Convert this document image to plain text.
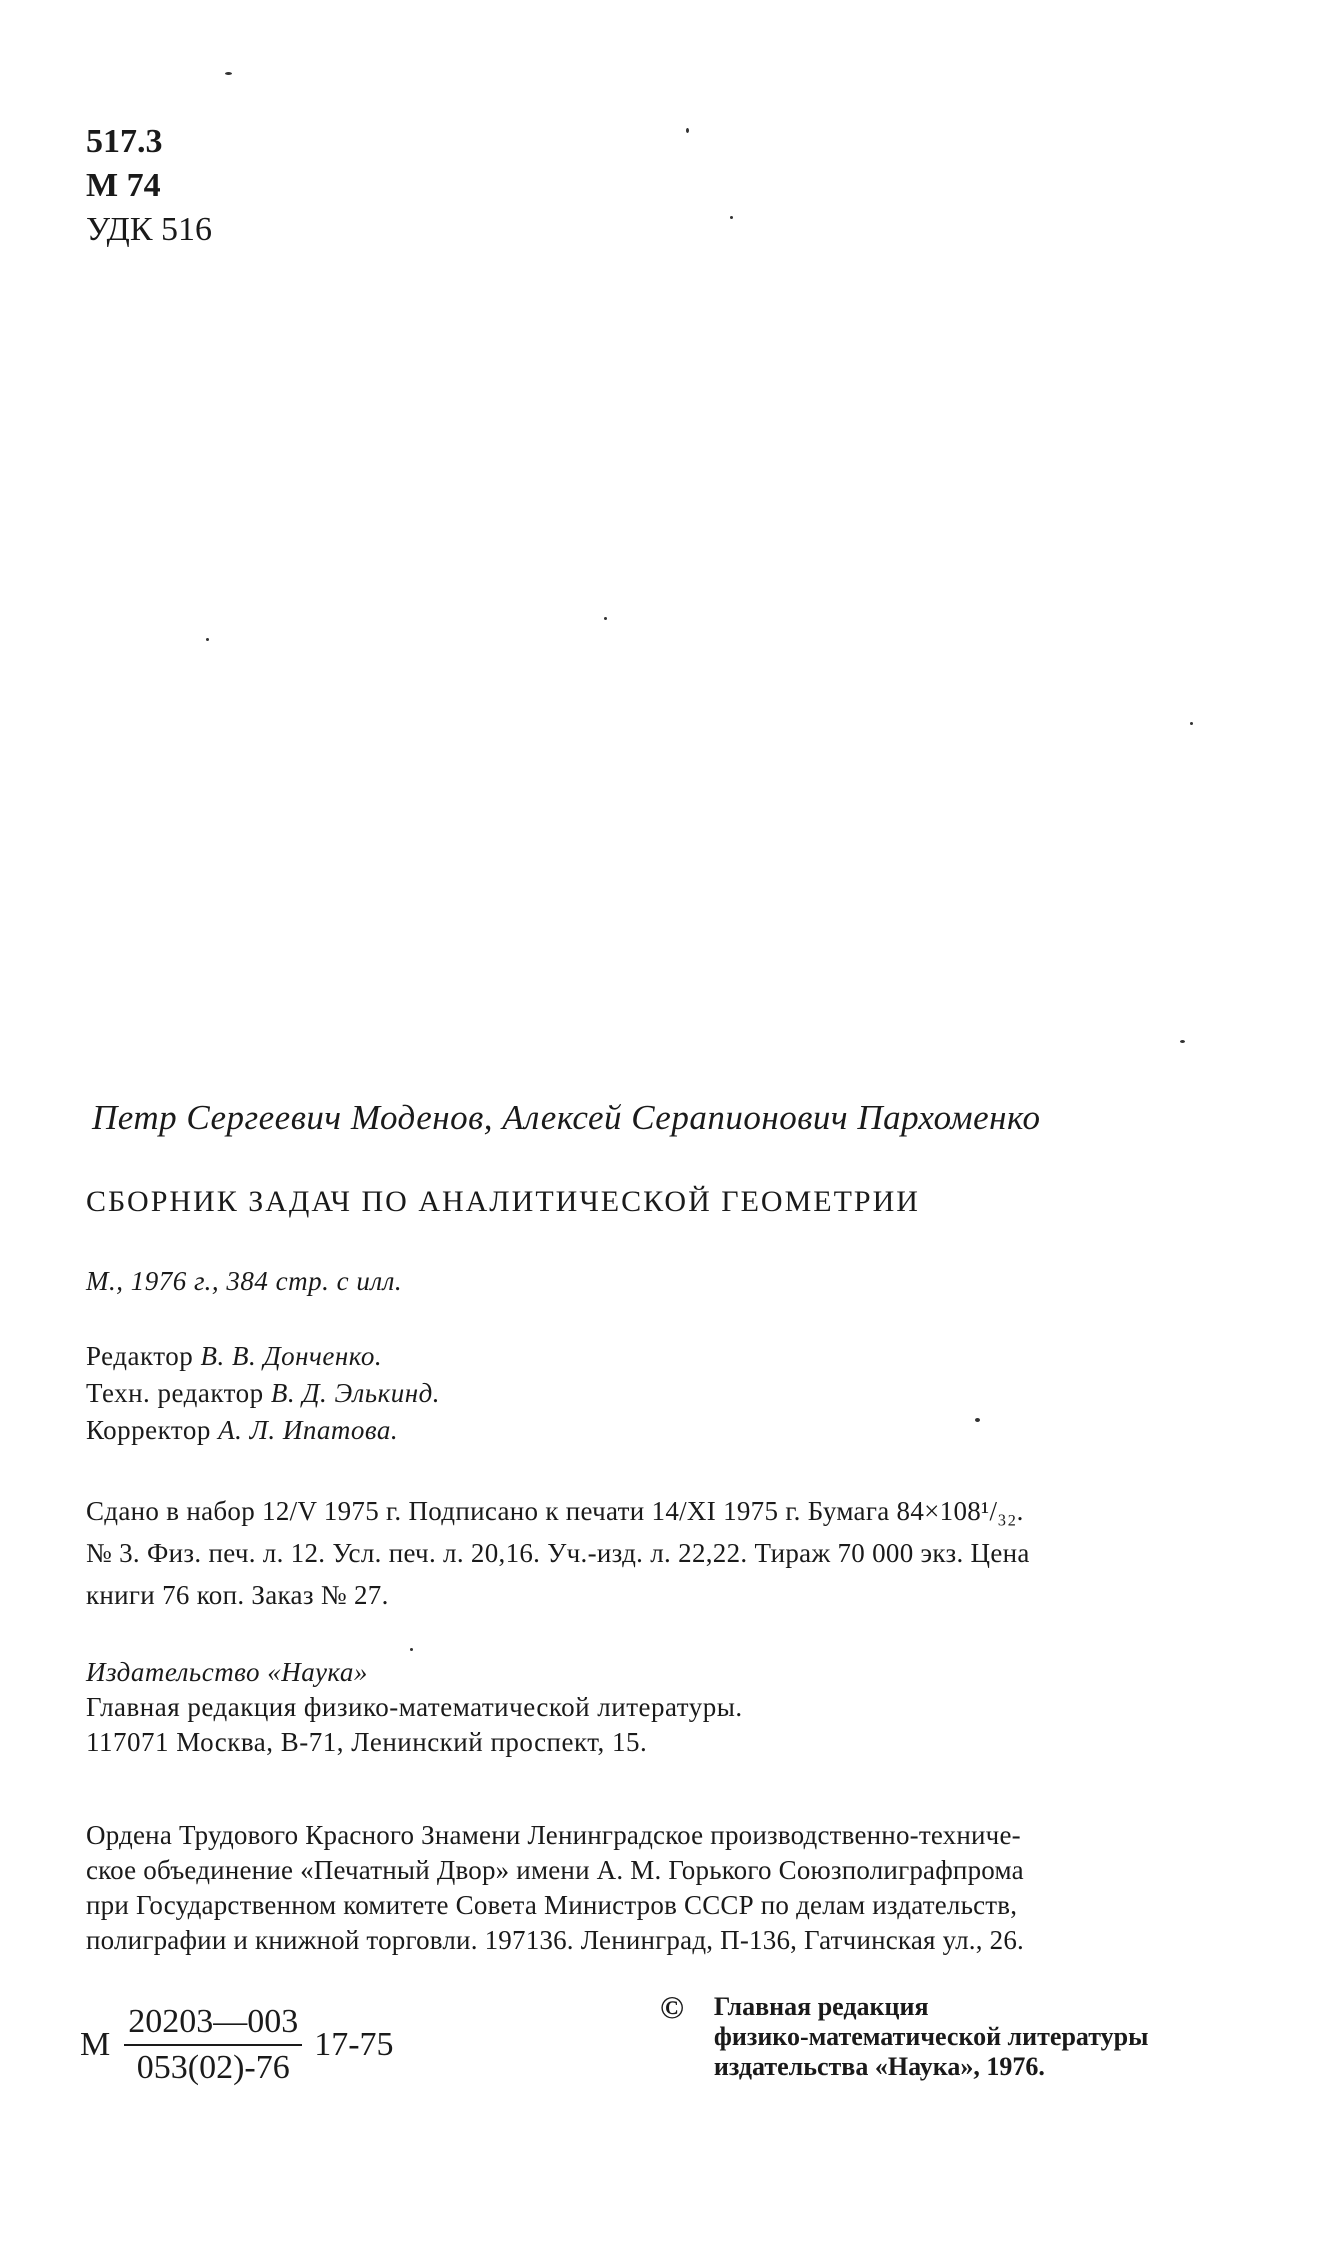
517.3
М 74
УДК 516
Петр Сергеевич Моденов, Алексей Серапионович Пархоменко
СБОРНИК ЗАДАЧ ПО АНАЛИТИЧЕСКОЙ ГЕОМЕТРИИ
М., 1976 г., 384 стр. с илл.
Редактор В. В. Донченко.
Техн. редактор В. Д. Элькинд.
Корректор А. Л. Ипатова.
Сдано в набор 12/V 1975 г. Подписано к печати 14/XI 1975 г. Бумага 84×108¹/₃₂.
№ 3. Физ. печ. л. 12. Усл. печ. л. 20,16. Уч.-изд. л. 22,22. Тираж 70 000 экз. Цена
книги 76 коп. Заказ № 27.
Издательство «Наука»
Главная редакция физико-математической литературы.
117071 Москва, В-71, Ленинский проспект, 15.
Ордена Трудового Красного Знамени Ленинградское производственно-техниче-
ское объединение «Печатный Двор» имени А. М. Горького Союзполиграфпрома
при Государственном комитете Совета Министров СССР по делам издательств,
полиграфии и книжной торговли. 197136. Ленинград, П-136, Гатчинская ул., 26.
М $\frac{20203—003}{053(02)-76} 17-75$
© Главная редакция
физико-математической литературы
издательства «Наука», 1976.
